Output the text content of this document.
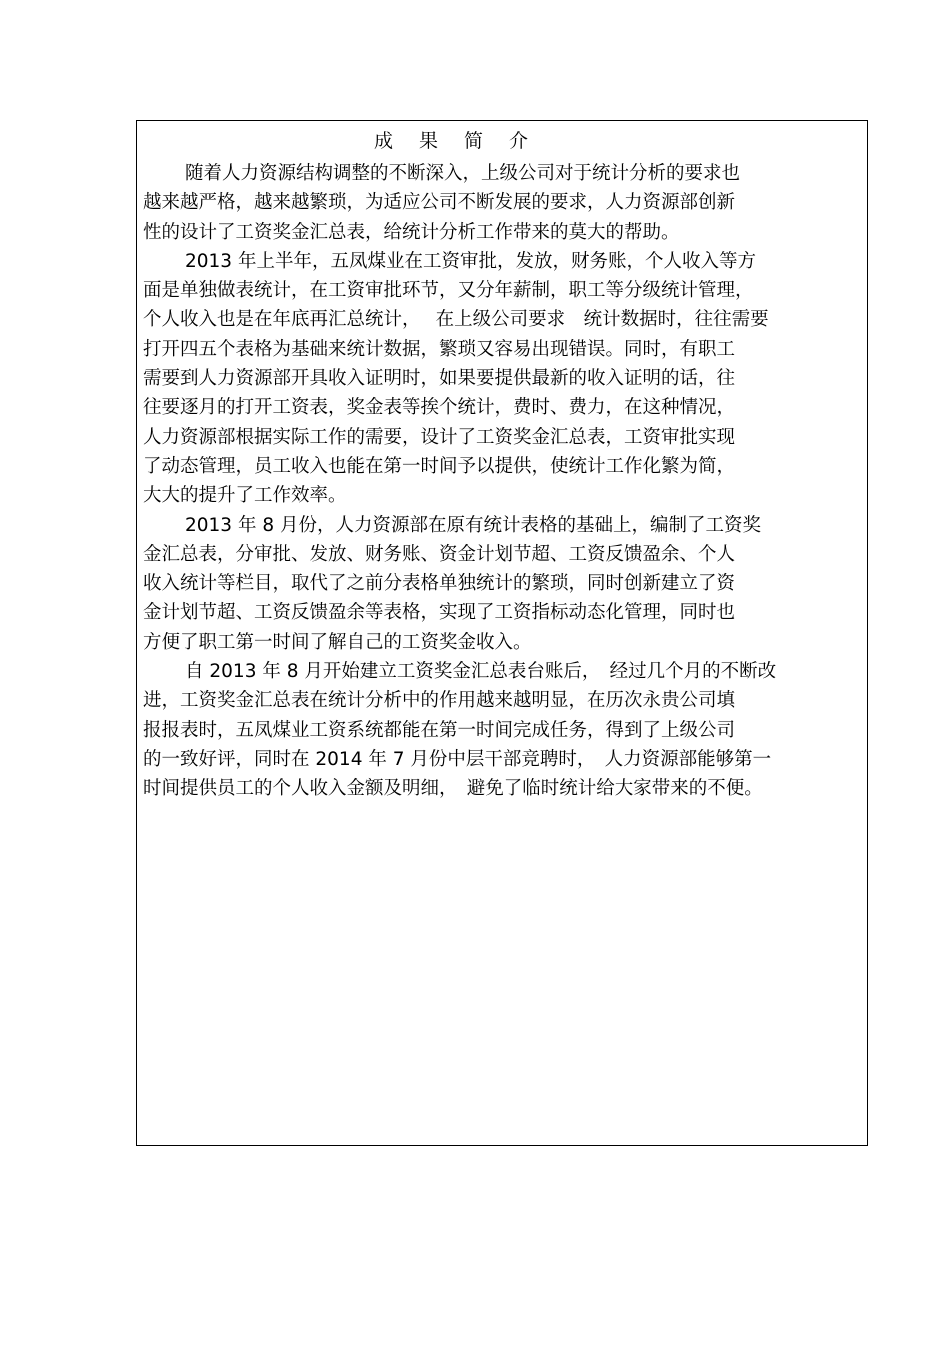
成 果 简 介
随着人力资源结构调整的不断深入，上级公司对于统计分析的要求也
越来越严格，越来越繁琐，为适应公司不断发展的要求，人力资源部创新
性的设计了工资奖金汇总表，给统计分析工作带来的莫大的帮助。
2013 年上半年，五凤煤业在工资审批，发放，财务账，个人收入等方
面是单独做表统计，在工资审批环节，又分年薪制，职工等分级统计管理，
个人收入也是在年底再汇总统计，　 在上级公司要求　统计数据时，往往需要
打开四五个表格为基础来统计数据，繁琐又容易出现错误。同时，有职工
需要到人力资源部开具收入证明时，如果要提供最新的收入证明的话，往
往要逐月的打开工资表，奖金表等挨个统计，费时、费力，在这种情况，
人力资源部根据实际工作的需要，设计了工资奖金汇总表，工资审批实现
了动态管理，员工收入也能在第一时间予以提供，使统计工作化繁为简，
大大的提升了工作效率。
2013 年 8 月份，人力资源部在原有统计表格的基础上，编制了工资奖
金汇总表，分审批、发放、财务账、资金计划节超、工资反馈盈余、个人
收入统计等栏目，取代了之前分表格单独统计的繁琐，同时创新建立了资
金计划节超、工资反馈盈余等表格，实现了工资指标动态化管理，同时也
方便了职工第一时间了解自己的工资奖金收入。
自 2013 年 8 月开始建立工资奖金汇总表台账后，　经过几个月的不断改
进，工资奖金汇总表在统计分析中的作用越来越明显，在历次永贵公司填
报报表时，五凤煤业工资系统都能在第一时间完成任务，得到了上级公司
的一致好评，同时在 2014 年 7 月份中层干部竞聘时，　人力资源部能够第一
时间提供员工的个人收入金额及明细，　避免了临时统计给大家带来的不便。
